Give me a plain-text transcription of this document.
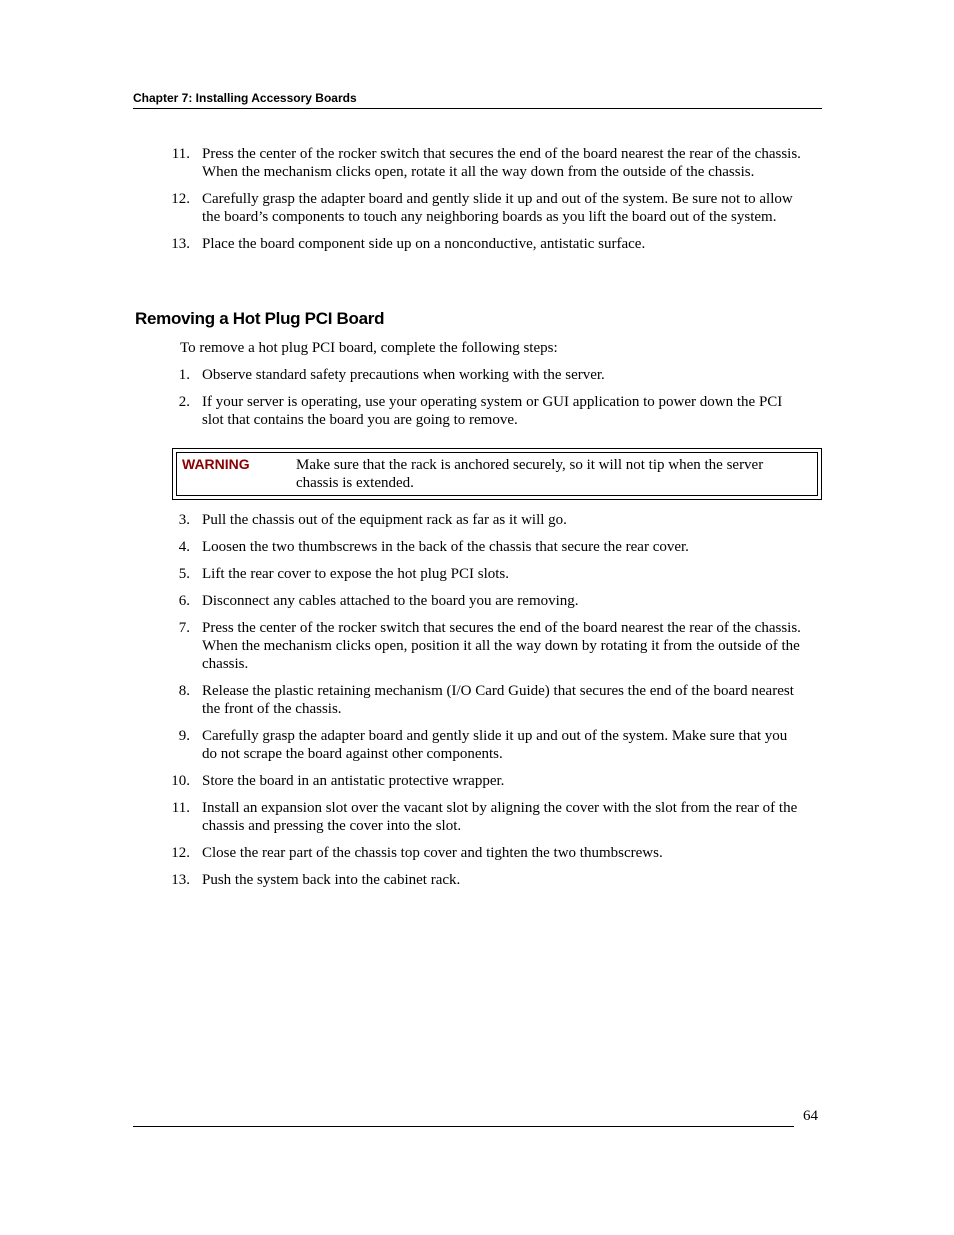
Chapter 7: Installing Accessory Boards
11. Press the center of the rocker switch that secures the end of the board nearest the rear of the chassis. When the mechanism clicks open, rotate it all the way down from the outside of the chassis.
12. Carefully grasp the adapter board and gently slide it up and out of the system. Be sure not to allow the board’s components to touch any neighboring boards as you lift the board out of the system.
13. Place the board component side up on a nonconductive, antistatic surface.
Removing a Hot Plug PCI Board
To remove a hot plug PCI board, complete the following steps:
1. Observe standard safety precautions when working with the server.
2. If your server is operating, use your operating system or GUI application to power down the PCI slot that contains the board you are going to remove.
WARNING	Make sure that the rack is anchored securely, so it will not tip when the server chassis is extended.
3. Pull the chassis out of the equipment rack as far as it will go.
4. Loosen the two thumbscrews in the back of the chassis that secure the rear cover.
5. Lift the rear cover to expose the hot plug PCI slots.
6. Disconnect any cables attached to the board you are removing.
7. Press the center of the rocker switch that secures the end of the board nearest the rear of the chassis. When the mechanism clicks open, position it all the way down by rotating it from the outside of the chassis.
8. Release the plastic retaining mechanism (I/O Card Guide) that secures the end of the board nearest the front of the chassis.
9. Carefully grasp the adapter board and gently slide it up and out of the system. Make sure that you do not scrape the board against other components.
10. Store the board in an antistatic protective wrapper.
11. Install an expansion slot over the vacant slot by aligning the cover with the slot from the rear of the chassis and pressing the cover into the slot.
12. Close the rear part of the chassis top cover and tighten the two thumbscrews.
13. Push the system back into the cabinet rack.
64
